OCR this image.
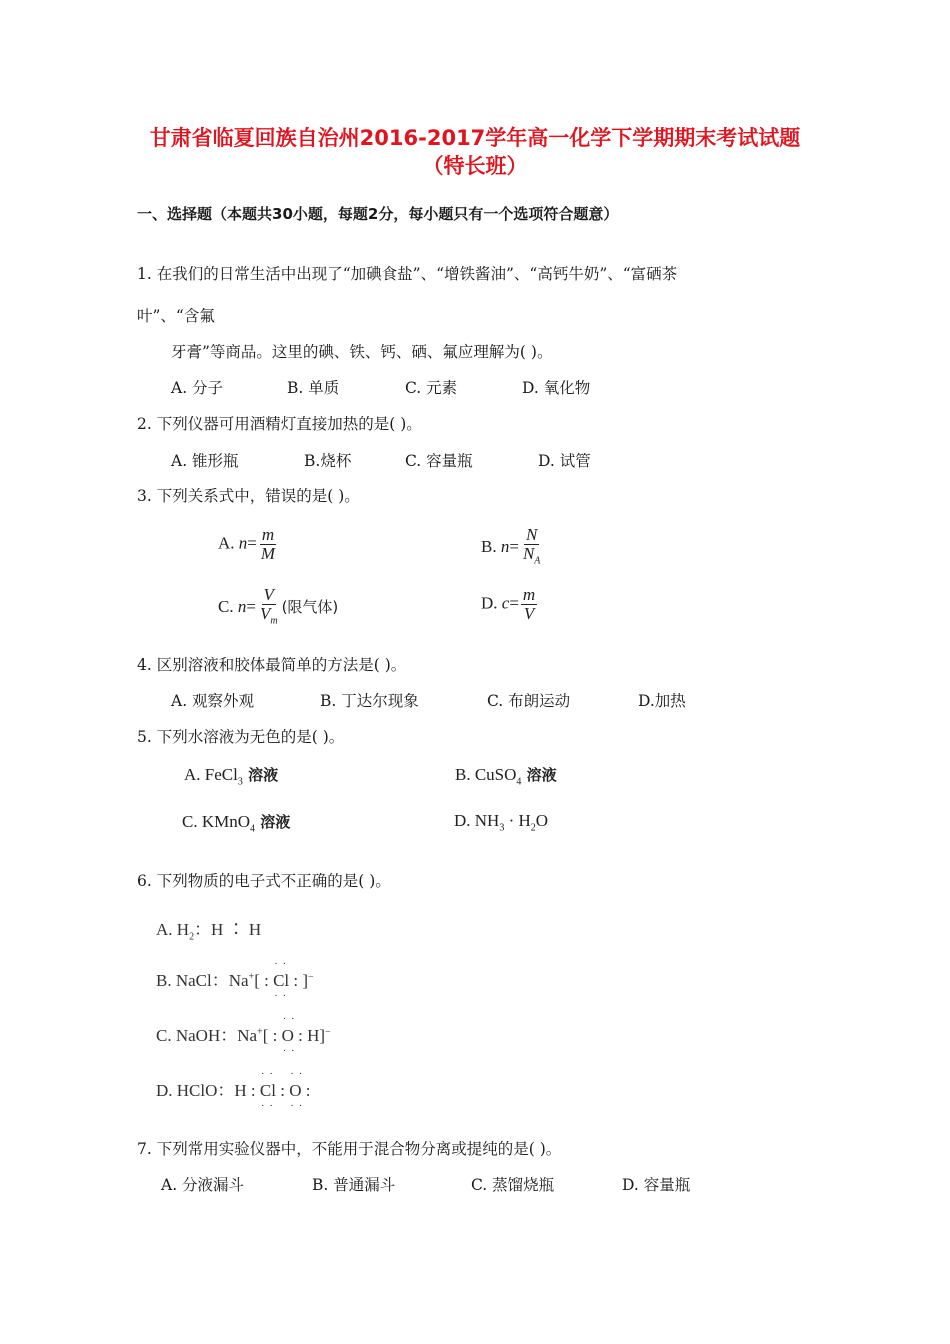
甘肃省临夏回族自治州2016-2017学年高一化学下学期期末考试试题
（特长班）
一、选择题（本题共30小题，每题2分，每小题只有一个选项符合题意）
1. 在我们的日常生活中出现了“加碘食盐”、“增铁酱油”、“高钙牛奶”、“富硒茶
叶”、“含氟
牙膏”等商品。这里的碘、铁、钙、硒、氟应理解为( )。
A. 分子	B. 单质	C. 元素	D. 氧化物
2. 下列仪器可用酒精灯直接加热的是( )。
A. 锥形瓶	B.烧杯	C. 容量瓶	D. 试管
3. 下列关系式中，错误的是( )。
A. $n= \frac{m}{M}$	B. $n= \frac{N}{N_A}$
C. $n= \frac{V}{V_m}$ (限气体)	D. $c= \frac{m}{V}$
4. 区别溶液和胶体最简单的方法是( )。
A. 观察外观	B. 丁达尔现象	C. 布朗运动	D.加热
5. 下列水溶液为无色的是( )。
A. FeCl$_3$ 溶液	B. CuSO$_4$ 溶液
C. KMnO$_4$ 溶液	D. $NH_3 \cdot H_2O$
6. 下列物质的电子式不正确的是( )。
A. $H_2$：H ∶ H
B. NaCl：Na+[ : · · Cl · · : ]−
C. NaOH：Na+[ : · · O · · : H]−
D. HClO：H : · · Cl · · : · · O · · :
7. 下列常用实验仪器中，不能用于混合物分离或提纯的是( )。
A. 分液漏斗	B. 普通漏斗	C. 蒸馏烧瓶	D. 容量瓶
